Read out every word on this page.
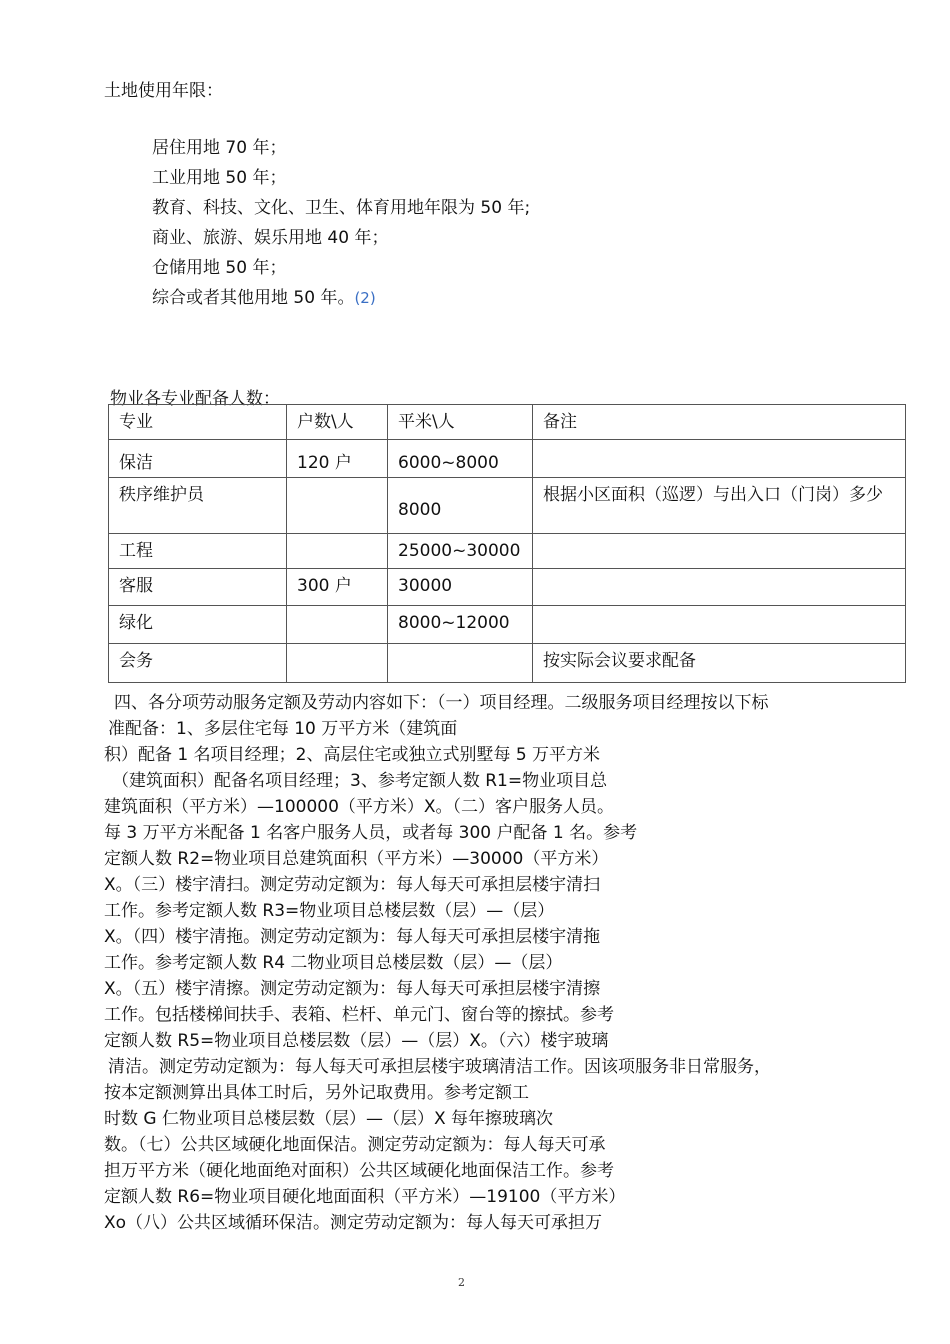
土地使用年限：
居住用地 70 年；
工业用地 50 年；
教育、科技、文化、卫生、体育用地年限为 50 年;
商业、旅游、娱乐用地 40 年；
仓储用地 50 年；
综合或者其他用地 50 年。(2)
物业各专业配备人数：
专业	户数\人	平米\人	备注
保洁	120 户	6000~8000	
秩序维护员		8000	根据小区面积（巡逻）与出入口（门岗）多少
工程		25000~30000	
客服	300 户	30000	
绿化		8000~12000	
会务			按实际会议要求配备
四、各分项劳动服务定额及劳动内容如下：（一）项目经理。二级服务项目经理按以下标
准配备：1、多层住宅每 10 万平方米（建筑面
积）配备 1 名项目经理；2、高层住宅或独立式别墅每 5 万平方米
（建筑面积）配备名项目经理；3、参考定额人数 R1=物业项目总
建筑面积（平方米）—100000（平方米）X。（二）客户服务人员。
每 3 万平方米配备 1 名客户服务人员，或者每 300 户配备 1 名。参考
定额人数 R2=物业项目总建筑面积（平方米）—30000（平方米）
X。（三）楼宇清扫。测定劳动定额为：每人每天可承担层楼宇清扫
工作。参考定额人数 R3=物业项目总楼层数（层）—（层）
X。（四）楼宇清拖。测定劳动定额为：每人每天可承担层楼宇清拖
工作。参考定额人数 R4 二物业项目总楼层数（层）—（层）
X。（五）楼宇清擦。测定劳动定额为：每人每天可承担层楼宇清擦
工作。包括楼梯间扶手、表箱、栏杆、单元门、窗台等的擦拭。参考
定额人数 R5=物业项目总楼层数（层）—（层）X。（六）楼宇玻璃
清洁。测定劳动定额为：每人每天可承担层楼宇玻璃清洁工作。因该项服务非日常服务，
按本定额测算出具体工时后，另外记取费用。参考定额工
时数 G 仁物业项目总楼层数（层）—（层）X 每年擦玻璃次
数。（七）公共区域硬化地面保洁。测定劳动定额为：每人每天可承
担万平方米（硬化地面绝对面积）公共区域硬化地面保洁工作。参考
定额人数 R6=物业项目硬化地面面积（平方米）—19100（平方米）
Xo（八）公共区域循环保洁。测定劳动定额为：每人每天可承担万
2
